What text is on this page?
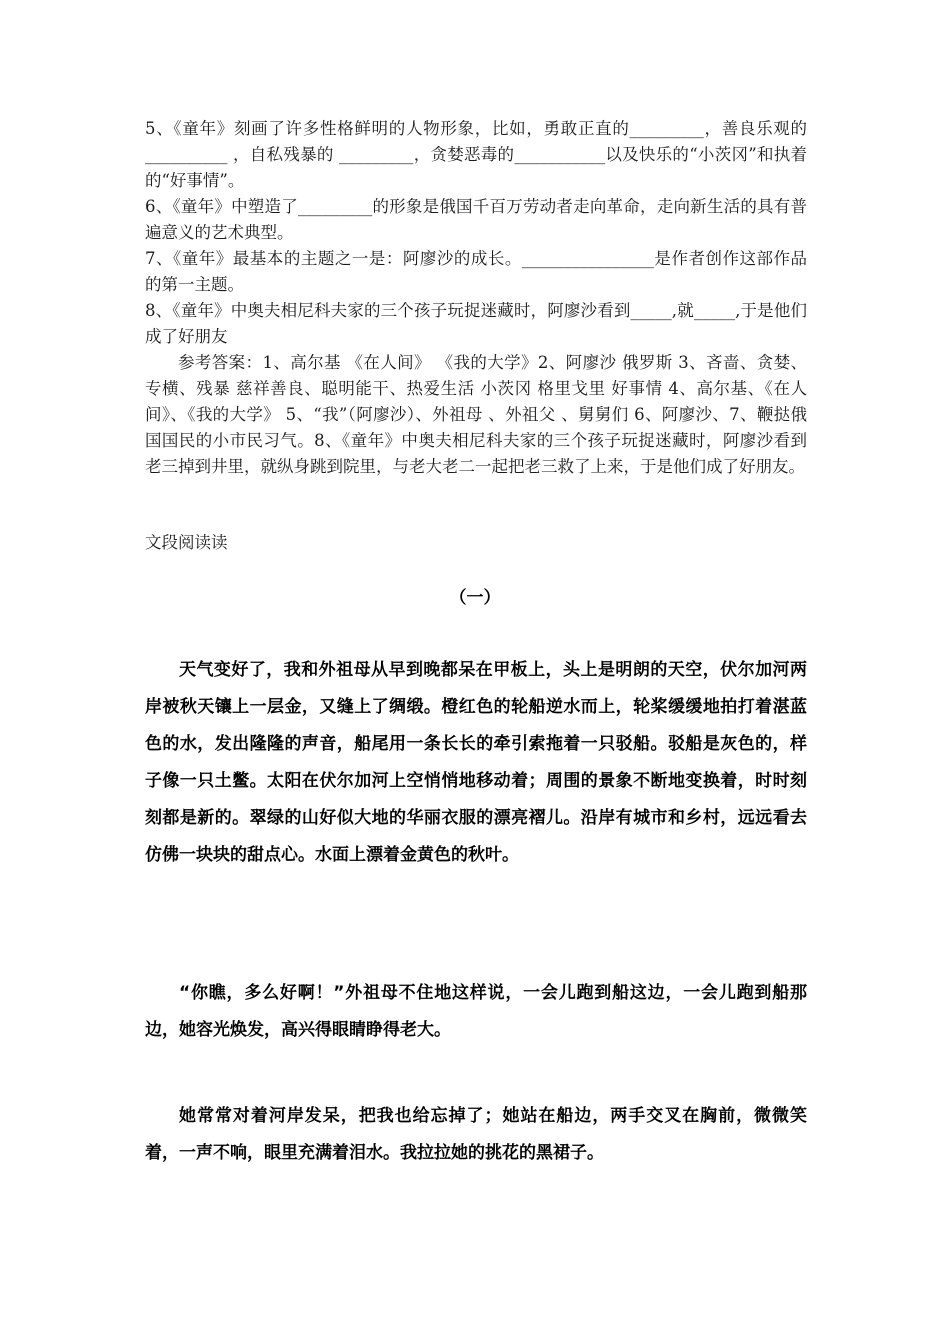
5、《童年》刻画了许多性格鲜明的人物形象，比如，勇敢正直的_________，善良乐观的 __________ ，自私残暴的 _________，贪婪恶毒的___________以及快乐的“小茨冈”和执着的“好事情”。
6、《童年》中塑造了_________的形象是俄国千百万劳动者走向革命，走向新生活的具有普遍意义的艺术典型。
7、《童年》最基本的主题之一是：阿廖沙的成长。________________是作者创作这部作品的第一主题。
8、《童年》中奥夫相尼科夫家的三个孩子玩捉迷藏时，阿廖沙看到_____,就_____,于是他们成了好朋友
参考答案：1、高尔基 《在人间》 《我的大学》2、阿廖沙 俄罗斯 3、吝啬、贪婪、专横、残暴 慈祥善良、聪明能干、热爱生活 小茨冈 格里戈里 好事情 4、高尔基、《在人间》、《我的大学》 5、“我”（阿廖沙）、外祖母 、外祖父 、舅舅们 6、阿廖沙、7、鞭挞俄国国民的小市民习气。8、《童年》中奥夫相尼科夫家的三个孩子玩捉迷藏时，阿廖沙看到老三掉到井里，就纵身跳到院里，与老大老二一起把老三救了上来，于是他们成了好朋友。
文段阅读读
（一）
天气变好了，我和外祖母从早到晚都呆在甲板上，头上是明朗的天空，伏尔加河两岸被秋天镶上一层金，又缝上了绸缎。橙红色的轮船逆水而上，轮桨缓缓地拍打着湛蓝色的水，发出隆隆的声音，船尾用一条长长的牵引索拖着一只驳船。驳船是灰色的，样子像一只土鳖。太阳在伏尔加河上空悄悄地移动着；周围的景象不断地变换着，时时刻刻都是新的。翠绿的山好似大地的华丽衣服的漂亮褶儿。沿岸有城市和乡村，远远看去仿佛一块块的甜点心。水面上漂着金黄色的秋叶。
“你瞧，多么好啊！”外祖母不住地这样说，一会儿跑到船这边，一会儿跑到船那边，她容光焕发，高兴得眼睛睁得老大。
她常常对着河岸发呆，把我也给忘掉了；她站在船边，两手交叉在胸前，微微笑着，一声不响，眼里充满着泪水。我拉拉她的挑花的黑裙子。
